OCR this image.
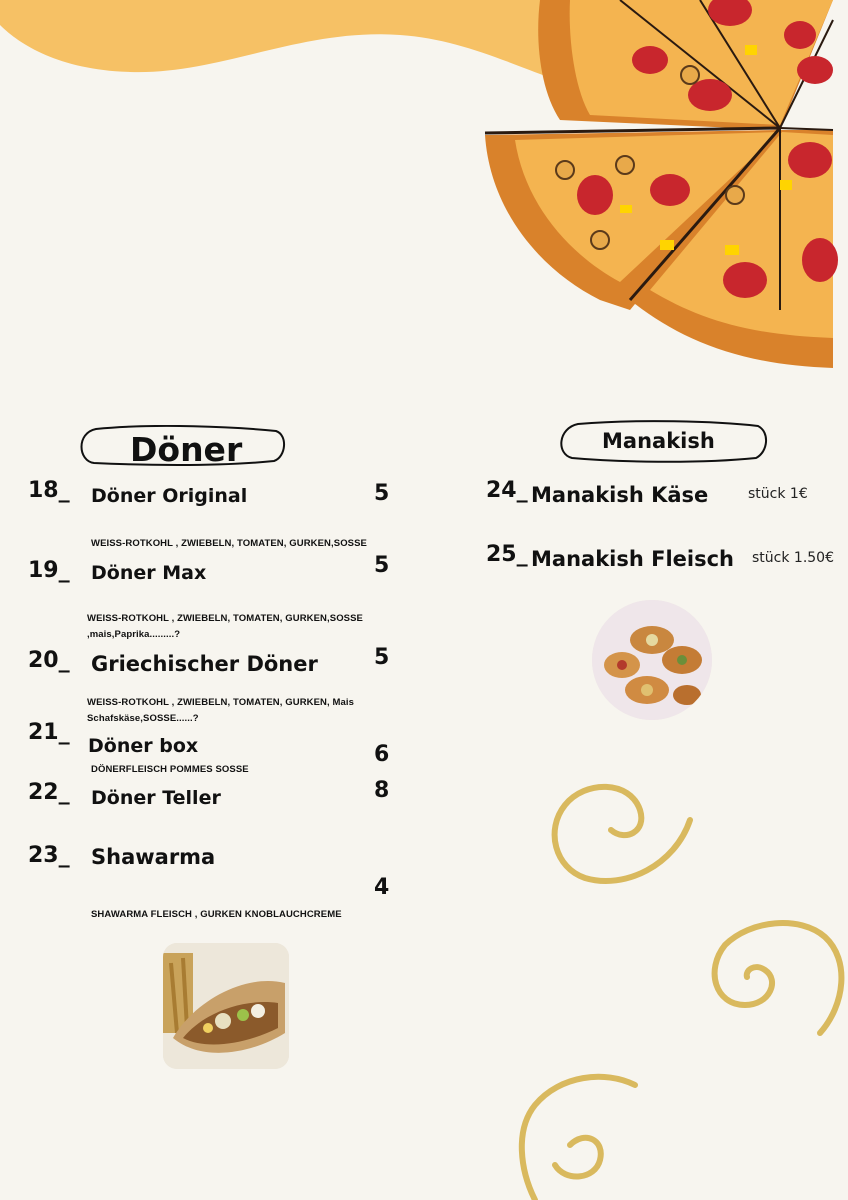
Döner
18_ Döner Original	5
WEISS-ROTKOHL , ZWIEBELN, TOMATEN, GURKEN,SOSSE
19_ Döner Max	5
WEISS-ROTKOHL , ZWIEBELN, TOMATEN, GURKEN,SOSSE ,mais,Paprika.........?
20_ Griechischer Döner	5
WEISS-ROTKOHL , ZWIEBELN, TOMATEN, GURKEN, Mais Schafskäse,SOSSE......?
21_
Döner box	6
DÖNERFLEISCH POMMES SOSSE
22_ Döner Teller	8
23_ Shawarma
4
SHAWARMA FLEISCH , GURKEN KNOBLAUCHCREME
Manakish
24_ Manakish Käse	stück 1€
25_ Manakish Fleisch stück 1.50€
